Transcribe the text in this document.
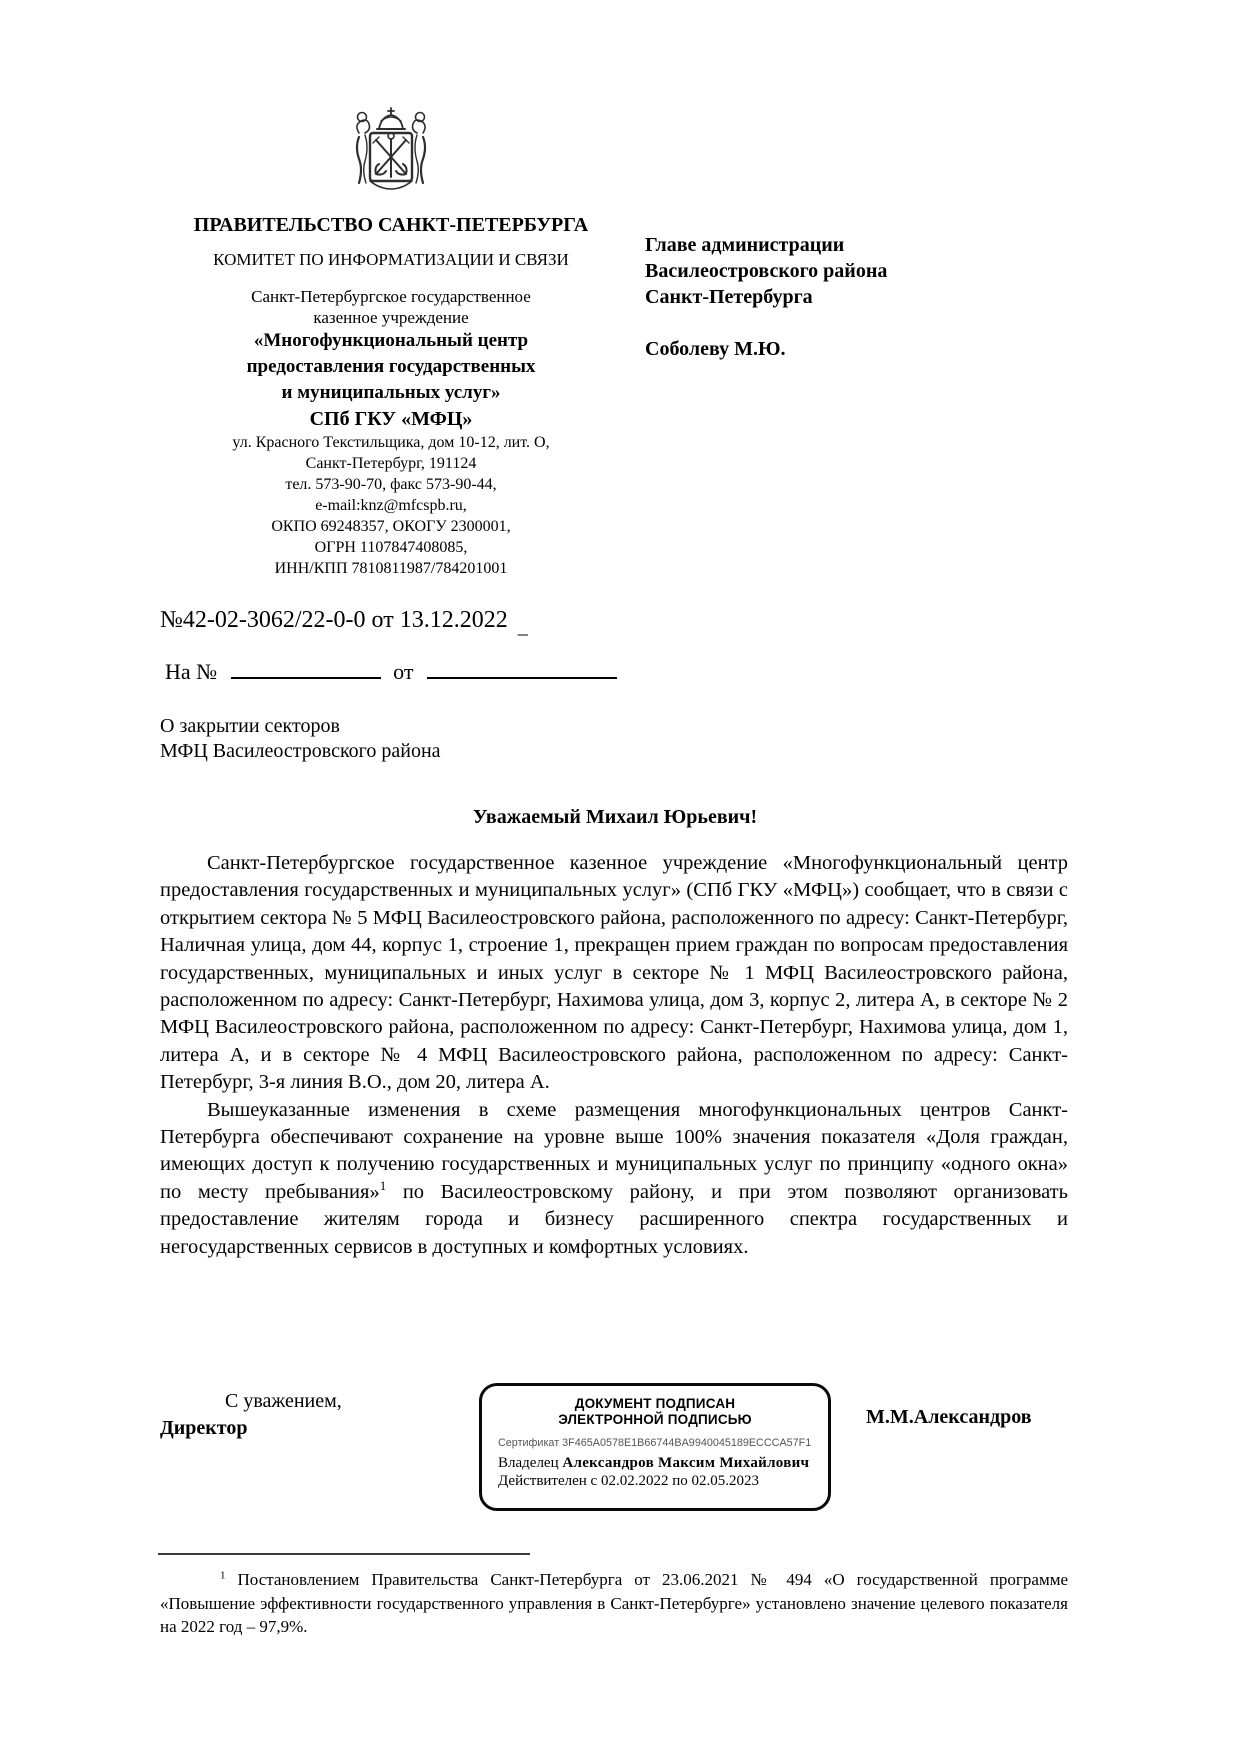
ПРАВИТЕЛЬСТВО САНКТ-ПЕТЕРБУРГА
КОМИТЕТ ПО ИНФОРМАТИЗАЦИИ И СВЯЗИ
Санкт-Петербургское государственное
казенное учреждение
«Многофункциональный центр
предоставления государственных
и муниципальных услуг»
СПб ГКУ «МФЦ»
ул. Красного Текстильщика, дом 10-12, лит. О,
Санкт-Петербург, 191124
тел. 573-90-70, факс 573-90-44,
e-mail:knz@mfcspb.ru,
ОКПО 69248357, ОКОГУ 2300001,
ОГРН 1107847408085,
ИНН/КПП 7810811987/784201001
Главе администрации
Василеостровского района
Санкт-Петербурга
Соболеву М.Ю.
№42-02-3062/22-0-0 от 13.12.2022 $_{\_}$
На №	от
О закрытии секторов
МФЦ Василеостровского района
Уважаемый Михаил Юрьевич!

Санкт-Петербургское государственное казенное учреждение «Многофункциональный центр предоставления государственных и муниципальных услуг» (СПб ГКУ «МФЦ») сообщает, что в связи с открытием сектора № 5 МФЦ Василеостровского района, расположенного по адресу: Санкт-Петербург, Наличная улица, дом 44, корпус 1, строение 1, прекращен прием граждан по вопросам предоставления государственных, муниципальных и иных услуг в секторе № 1 МФЦ Василеостровского района, расположенном по адресу: Санкт-Петербург, Нахимова улица, дом 3, корпус 2, литера А, в секторе № 2 МФЦ Василеостровского района, расположенном по адресу: Санкт-Петербург, Нахимова улица, дом 1, литера А, и в секторе № 4 МФЦ Василеостровского района, расположенном по адресу: Санкт-Петербург, 3-я линия В.О., дом 20, литера А.

Вышеуказанные изменения в схеме размещения многофункциональных центров Санкт-Петербурга обеспечивают сохранение на уровне выше 100% значения показателя «Доля граждан, имеющих доступ к получению государственных и муниципальных услуг по принципу «одного окна» по месту пребывания»$^1$ по Василеостровскому району, и при этом позволяют организовать предоставление жителям города и бизнесу расширенного спектра государственных и негосударственных сервисов в доступных и комфортных условиях.

С уважением,
Директор
ДОКУМЕНТ ПОДПИСАН
ЭЛЕКТРОННОЙ ПОДПИСЬЮ
Сертификат 3F465A0578E1B66744BA9940045189ECCCA57F1
Владелец Александров Максим Михайлович
Действителен с 02.02.2022 по 02.05.2023
М.М.Александров

$^1$ Постановлением Правительства Санкт-Петербурга от 23.06.2021 № 494 «О государственной программе «Повышение эффективности государственного управления в Санкт-Петербурге» установлено значение целевого показателя на 2022 год – 97,9%.
